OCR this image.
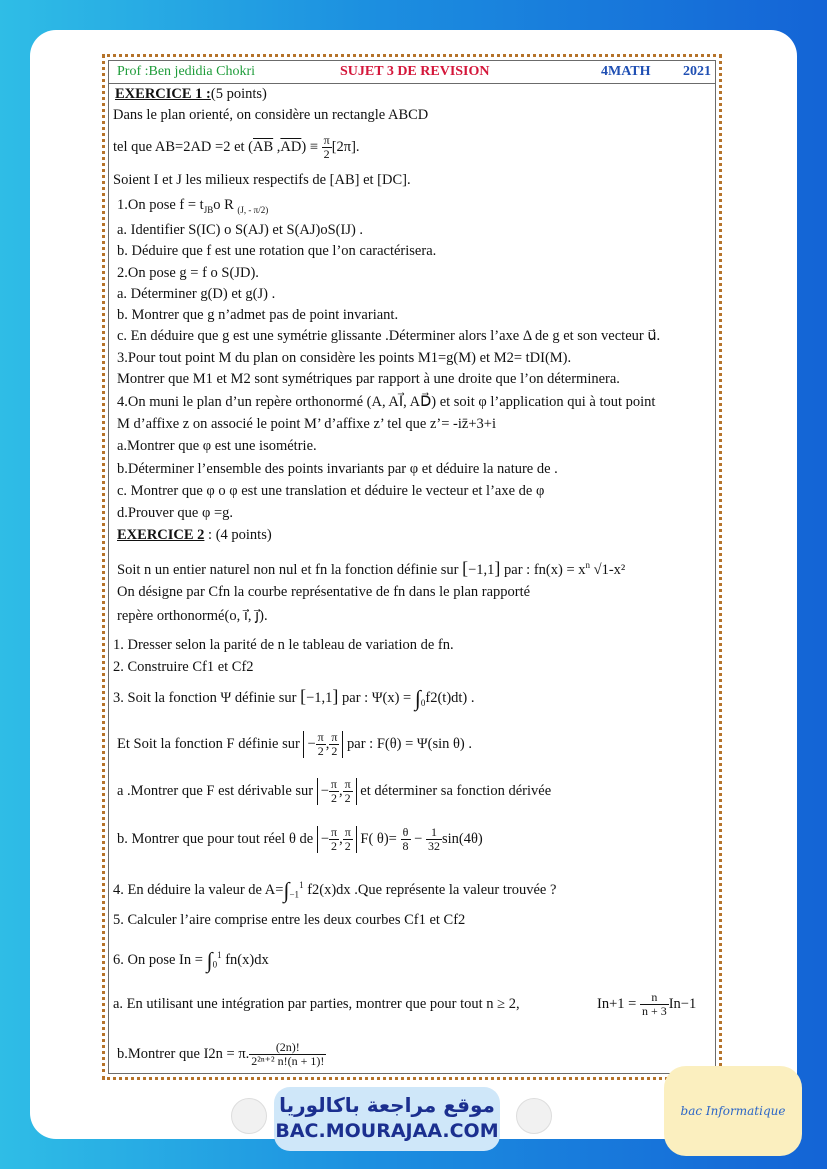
Prof :Ben jedidia Chokri	SUJET 3 DE REVISION	4MATH 2021
EXERCICE 1 :(5 points)
Dans le plan orienté, on considère un rectangle ABCD
tel que AB=2AD =2 et ($\overline{AB}$ $,\overline{AD}) \equiv \frac{\pi}{2} [2\pi]$.
Soient I et J les milieux respectifs de [AB] et [DC].
1.On pose $f = t_{JB}o$ R $_{(J, - \pi/2)}$
a. Identifier S(IC) o S(AJ) et S(AJ)oS(IJ) .
b. Déduire que f est une rotation que l’on caractérisera.
2.On pose g = f o S(JD).
a. Déterminer g(D) et g(J) .
b. Montrer que g n’admet pas de point invariant.
c. En déduire que g est une symétrie glissante .Déterminer alors l’axe Δ de g et son vecteur u⃗.
3.Pour tout point M du plan on considère les points M1=g(M) et M2= tDI(M).
Montrer que M1 et M2 sont symétriques par rapport à une droite que l’on déterminera.
4.On muni le plan d’un repère orthonormé (A, AI⃗, AD⃗) et soit φ l’application qui à tout point
M d’affixe z on associé le point M’ d’affixe z’ tel que z’= -iz̄+3+i
a.Montrer que φ est une isométrie.
b.Déterminer l’ensemble des points invariants par φ et déduire la nature de .
c. Montrer que φ o φ est une translation et déduire le vecteur et l’axe de φ
d.Prouver que φ =g.
EXERCICE 2 : (4 points)
Soit n un entier naturel non nul et fn la fonction définie sur [−1,1] par : $fn(x) = x^n$ √1-x²
On désigne par Cfn la courbe représentative de fn dans le plan rapporté
repère orthonormé(o, i⃗, j⃗).
1. Dresser selon la parité de n le tableau de variation de fn.
2. Construire Cf1 et Cf2
3. Soit la fonction Ψ définie sur [−1,1] par : $\Psi(x) = \int_0f2(t)dt$) .
Et Soit la fonction F définie sur − $\frac{\pi}{2}$ , $\frac{\pi}{2}$ par : F(θ) = Ψ(sin θ) .
a .Montrer que F est dérivable sur − $\frac{\pi}{2}$ , $\frac{\pi}{2}$ et déterminer sa fonction dérivée
b. Montrer que pour tout réel θ de − $\frac{\pi}{2}$ , $\frac{\pi}{2} F$( $\theta)= \frac{\theta}{8} - \frac{1}{32} \sin(4\theta)$
4. En déduire la valeur de $A=\int_{-1}^1$ f2(x)dx .Que représente la valeur trouvée ?
5. Calculer l’aire comprise entre les deux courbes Cf1 et Cf2
6. On pose $In = \int_0^1$ fn(x)dx
a. En utilisant une intégration par parties, montrer que pour tout n ≥ 2,	$In+1 = \frac{n}{n + 3} In-1$
b.Montrer que I2n = π. $\frac{(2n)!}{\text{2²ⁿ⁺² n!(n + 1)!}}$
موقع مراجعة باكالوريا
BAC.MOURAJAA.COM
bac Informatique
